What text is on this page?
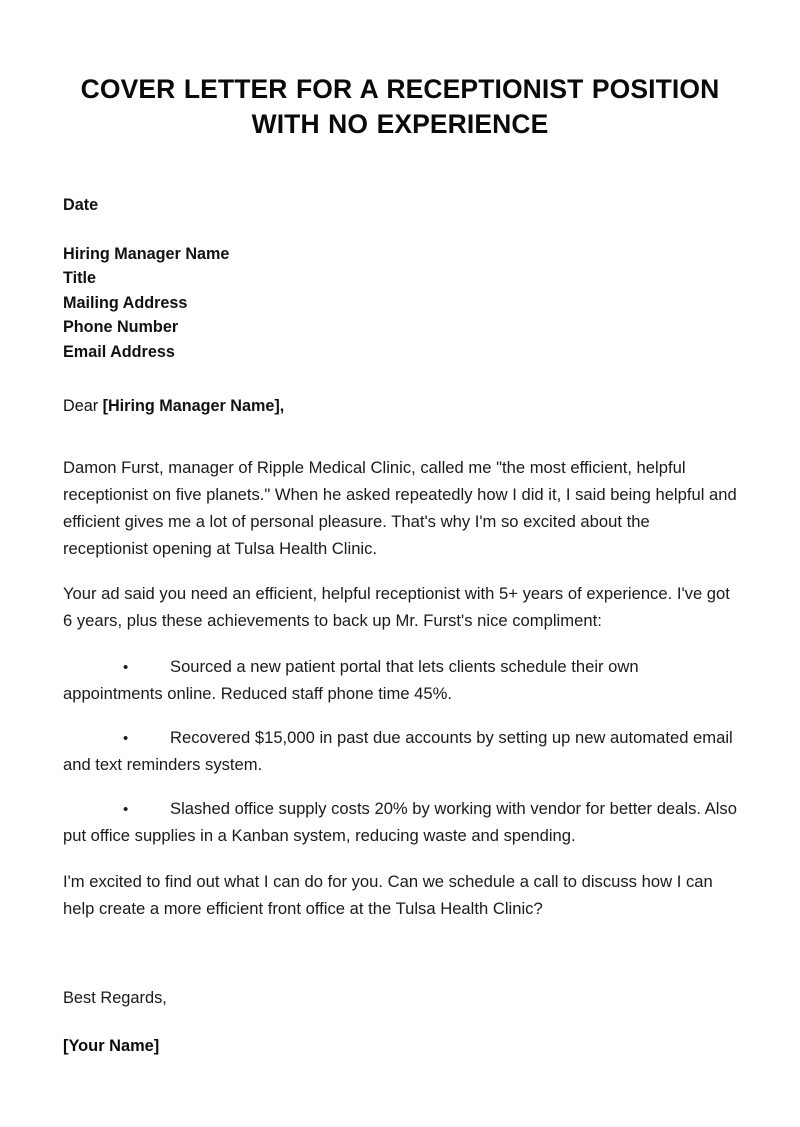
COVER LETTER FOR A RECEPTIONIST POSITION WITH NO EXPERIENCE
Date
Hiring Manager Name
Title
Mailing Address
Phone Number
Email Address

Dear [Hiring Manager Name],

Damon Furst, manager of Ripple Medical Clinic, called me "the most efficient, helpful receptionist on five planets." When he asked repeatedly how I did it, I said being helpful and efficient gives me a lot of personal pleasure. That's why I'm so excited about the receptionist opening at Tulsa Health Clinic.

Your ad said you need an efficient, helpful receptionist with 5+ years of experience. I've got 6 years, plus these achievements to back up Mr. Furst's nice compliment:

•	Sourced a new patient portal that lets clients schedule their own appointments online. Reduced staff phone time 45%.
•	Recovered $15,000 in past due accounts by setting up new automated email and text reminders system.
•	Slashed office supply costs 20% by working with vendor for better deals. Also put office supplies in a Kanban system, reducing waste and spending.

I'm excited to find out what I can do for you. Can we schedule a call to discuss how I can help create a more efficient front office at the Tulsa Health Clinic?

Best Regards,
[Your Name]
